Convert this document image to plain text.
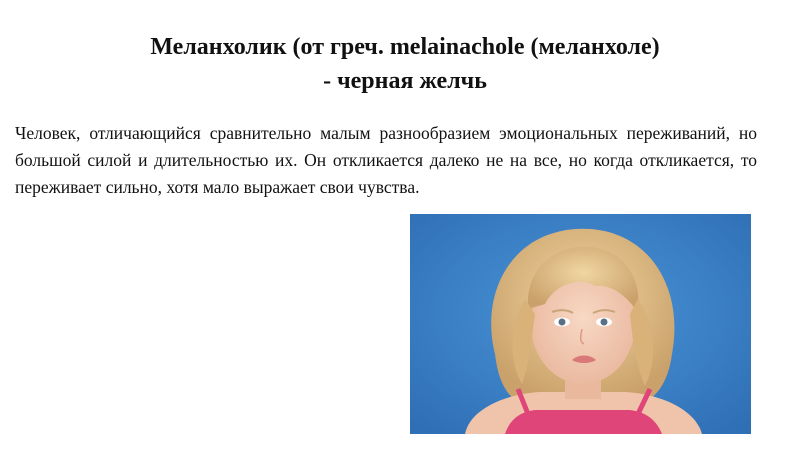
Меланхолик (от греч. melainachole (меланхоле)
- черная желчь

Человек, отличающийся сравнительно малым разнообразием эмоциональных переживаний, но большой силой и длительностью их. Он откликается далеко не на все, но когда откликается, то переживает сильно, хотя мало выражает свои чувства.
